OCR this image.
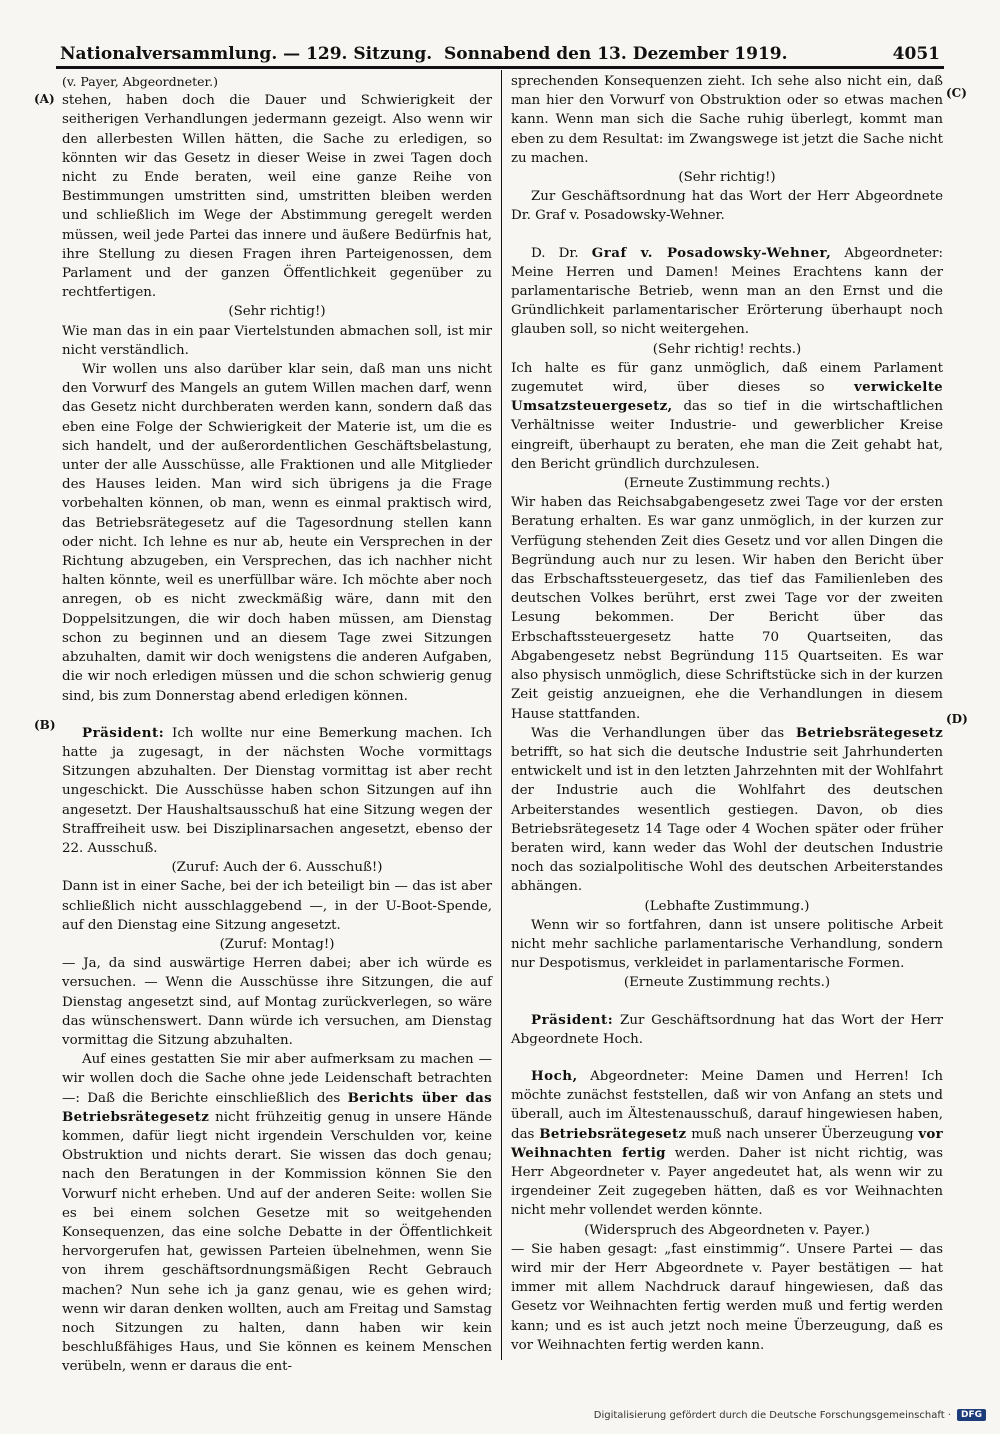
Nationalversammlung. — 129. Sitzung. Sonnabend den 13. Dezember 1919.	4051
(A)
(B)
(C)
(D)

(v. Payer, Abgeordneter.)

stehen, haben doch die Dauer und Schwierigkeit der seitherigen Verhandlungen jedermann gezeigt. Also wenn wir den allerbesten Willen hätten, die Sache zu erledigen, so könnten wir das Gesetz in dieser Weise in zwei Tagen doch nicht zu Ende beraten, weil eine ganze Reihe von Bestimmungen umstritten sind, umstritten bleiben werden und schließlich im Wege der Abstimmung geregelt werden müssen, weil jede Partei das innere und äußere Bedürfnis hat, ihre Stellung zu diesen Fragen ihren Parteigenossen, dem Parlament und der ganzen Öffentlichkeit gegenüber zu rechtfertigen.

(Sehr richtig!)

Wie man das in ein paar Viertelstunden abmachen soll, ist mir nicht verständlich.

Wir wollen uns also darüber klar sein, daß man uns nicht den Vorwurf des Mangels an gutem Willen machen darf, wenn das Gesetz nicht durchberaten werden kann, sondern daß das eben eine Folge der Schwierigkeit der Materie ist, um die es sich handelt, und der außerordentlichen Geschäftsbelastung, unter der alle Ausschüsse, alle Fraktionen und alle Mitglieder des Hauses leiden. Man wird sich übrigens ja die Frage vorbehalten können, ob man, wenn es einmal praktisch wird, das Betriebsrätegesetz auf die Tagesordnung stellen kann oder nicht. Ich lehne es nur ab, heute ein Versprechen in der Richtung abzugeben, ein Versprechen, das ich nachher nicht halten könnte, weil es unerfüllbar wäre. Ich möchte aber noch anregen, ob es nicht zweckmäßig wäre, dann mit den Doppelsitzungen, die wir doch haben müssen, am Dienstag schon zu beginnen und an diesem Tage zwei Sitzungen abzuhalten, damit wir doch wenigstens die anderen Aufgaben, die wir noch erledigen müssen und die schon schwierig genug sind, bis zum Donnerstag abend erledigen können.

Präsident: Ich wollte nur eine Bemerkung machen. Ich hatte ja zugesagt, in der nächsten Woche vormittags Sitzungen abzuhalten. Der Dienstag vormittag ist aber recht ungeschickt. Die Ausschüsse haben schon Sitzungen auf ihn angesetzt. Der Haushaltsausschuß hat eine Sitzung wegen der Straffreiheit usw. bei Disziplinarsachen angesetzt, ebenso der 22. Ausschuß.

(Zuruf: Auch der 6. Ausschuß!)

Dann ist in einer Sache, bei der ich beteiligt bin — das ist aber schließlich nicht ausschlaggebend —, in der U-Boot-Spende, auf den Dienstag eine Sitzung angesetzt.

(Zuruf: Montag!)

— Ja, da sind auswärtige Herren dabei; aber ich würde es versuchen. — Wenn die Ausschüsse ihre Sitzungen, die auf Dienstag angesetzt sind, auf Montag zurückverlegen, so wäre das wünschenswert. Dann würde ich versuchen, am Dienstag vormittag die Sitzung abzuhalten.

Auf eines gestatten Sie mir aber aufmerksam zu machen — wir wollen doch die Sache ohne jede Leidenschaft betrachten —: Daß die Berichte einschließlich des Berichts über das Betriebsrätegesetz nicht frühzeitig genug in unsere Hände kommen, dafür liegt nicht irgendein Verschulden vor, keine Obstruktion und nichts derart. Sie wissen das doch genau; nach den Beratungen in der Kommission können Sie den Vorwurf nicht erheben. Und auf der anderen Seite: wollen Sie es bei einem solchen Gesetze mit so weitgehenden Konsequenzen, das eine solche Debatte in der Öffentlichkeit hervorgerufen hat, gewissen Parteien übelnehmen, wenn Sie von ihrem geschäftsordnungsmäßigen Recht Gebrauch machen? Nun sehe ich ja ganz genau, wie es gehen wird; wenn wir daran denken wollten, auch am Freitag und Samstag noch Sitzungen zu halten, dann haben wir kein beschlußfähiges Haus, und Sie können es keinem Menschen verübeln, wenn er daraus die ent-

sprechenden Konsequenzen zieht. Ich sehe also nicht ein, daß man hier den Vorwurf von Obstruktion oder so etwas machen kann. Wenn man sich die Sache ruhig überlegt, kommt man eben zu dem Resultat: im Zwangswege ist jetzt die Sache nicht zu machen.

(Sehr richtig!)

Zur Geschäftsordnung hat das Wort der Herr Abgeordnete Dr. Graf v. Posadowsky-Wehner.

D. Dr. Graf v. Posadowsky-Wehner, Abgeordneter: Meine Herren und Damen! Meines Erachtens kann der parlamentarische Betrieb, wenn man an den Ernst und die Gründlichkeit parlamentarischer Erörterung überhaupt noch glauben soll, so nicht weitergehen.

(Sehr richtig! rechts.)

Ich halte es für ganz unmöglich, daß einem Parlament zugemutet wird, über dieses so verwickelte Umsatzsteuergesetz, das so tief in die wirtschaftlichen Verhältnisse weiter Industrie- und gewerblicher Kreise eingreift, überhaupt zu beraten, ehe man die Zeit gehabt hat, den Bericht gründlich durchzulesen.

(Erneute Zustimmung rechts.)

Wir haben das Reichsabgabengesetz zwei Tage vor der ersten Beratung erhalten. Es war ganz unmöglich, in der kurzen zur Verfügung stehenden Zeit dies Gesetz und vor allen Dingen die Begründung auch nur zu lesen. Wir haben den Bericht über das Erbschaftssteuergesetz, das tief das Familienleben des deutschen Volkes berührt, erst zwei Tage vor der zweiten Lesung bekommen. Der Bericht über das Erbschaftssteuergesetz hatte 70 Quartseiten, das Abgabengesetz nebst Begründung 115 Quartseiten. Es war also physisch unmöglich, diese Schriftstücke sich in der kurzen Zeit geistig anzueignen, ehe die Verhandlungen in diesem Hause stattfanden.

Was die Verhandlungen über das Betriebsrätegesetz betrifft, so hat sich die deutsche Industrie seit Jahrhunderten entwickelt und ist in den letzten Jahrzehnten mit der Wohlfahrt der Industrie auch die Wohlfahrt des deutschen Arbeiterstandes wesentlich gestiegen. Davon, ob dies Betriebsrätegesetz 14 Tage oder 4 Wochen später oder früher beraten wird, kann weder das Wohl der deutschen Industrie noch das sozialpolitische Wohl des deutschen Arbeiterstandes abhängen.

(Lebhafte Zustimmung.)

Wenn wir so fortfahren, dann ist unsere politische Arbeit nicht mehr sachliche parlamentarische Verhandlung, sondern nur Despotismus, verkleidet in parlamentarische Formen.

(Erneute Zustimmung rechts.)

Präsident: Zur Geschäftsordnung hat das Wort der Herr Abgeordnete Hoch.

Hoch, Abgeordneter: Meine Damen und Herren! Ich möchte zunächst feststellen, daß wir von Anfang an stets und überall, auch im Ältestenausschuß, darauf hingewiesen haben, das Betriebsrätegesetz muß nach unserer Überzeugung vor Weihnachten fertig werden. Daher ist nicht richtig, was Herr Abgeordneter v. Payer angedeutet hat, als wenn wir zu irgendeiner Zeit zugegeben hätten, daß es vor Weihnachten nicht mehr vollendet werden könnte.

(Widerspruch des Abgeordneten v. Payer.)

— Sie haben gesagt: „fast einstimmig“. Unsere Partei — das wird mir der Herr Abgeordnete v. Payer bestätigen — hat immer mit allem Nachdruck darauf hingewiesen, daß das Gesetz vor Weihnachten fertig werden muß und fertig werden kann; und es ist auch jetzt noch meine Überzeugung, daß es vor Weihnachten fertig werden kann.

Digitalisierung gefördert durch die Deutsche Forschungsgemeinschaft ·	DFG
